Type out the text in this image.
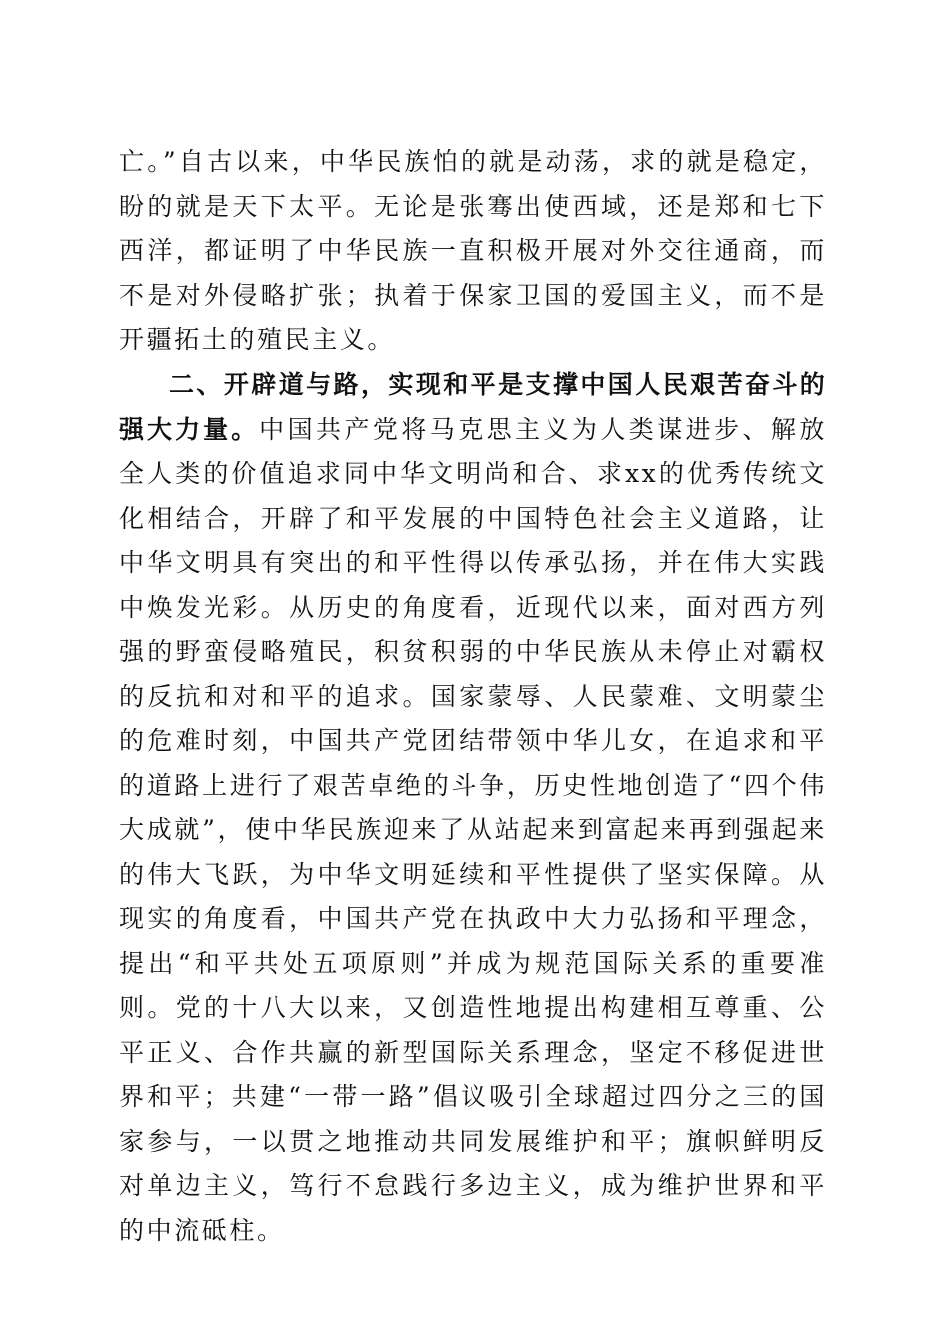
亡。”自古以来，中华民族怕的就是动荡，求的就是稳定，盼的就是天下太平。无论是张骞出使西域，还是郑和七下西洋，都证明了中华民族一直积极开展对外交往通商，而不是对外侵略扩张；执着于保家卫国的爱国主义，而不是开疆拓土的殖民主义。

二、开辟道与路，实现和平是支撑中国人民艰苦奋斗的强大力量。中国共产党将马克思主义为人类谋进步、解放全人类的价值追求同中华文明尚和合、求xx的优秀传统文化相结合，开辟了和平发展的中国特色社会主义道路，让中华文明具有突出的和平性得以传承弘扬，并在伟大实践中焕发光彩。从历史的角度看，近现代以来，面对西方列强的野蛮侵略殖民，积贫积弱的中华民族从未停止对霸权的反抗和对和平的追求。国家蒙辱、人民蒙难、文明蒙尘的危难时刻，中国共产党团结带领中华儿女，在追求和平的道路上进行了艰苦卓绝的斗争，历史性地创造了“四个伟大成就”，使中华民族迎来了从站起来到富起来再到强起来的伟大飞跃，为中华文明延续和平性提供了坚实保障。从现实的角度看，中国共产党在执政中大力弘扬和平理念，提出“和平共处五项原则”并成为规范国际关系的重要准则。党的十八大以来，又创造性地提出构建相互尊重、公平正义、合作共赢的新型国际关系理念，坚定不移促进世界和平；共建“一带一路”倡议吸引全球超过四分之三的国家参与，一以贯之地推动共同发展维护和平；旗帜鲜明反对单边主义，笃行不怠践行多边主义，成为维护世界和平的中流砥柱。
